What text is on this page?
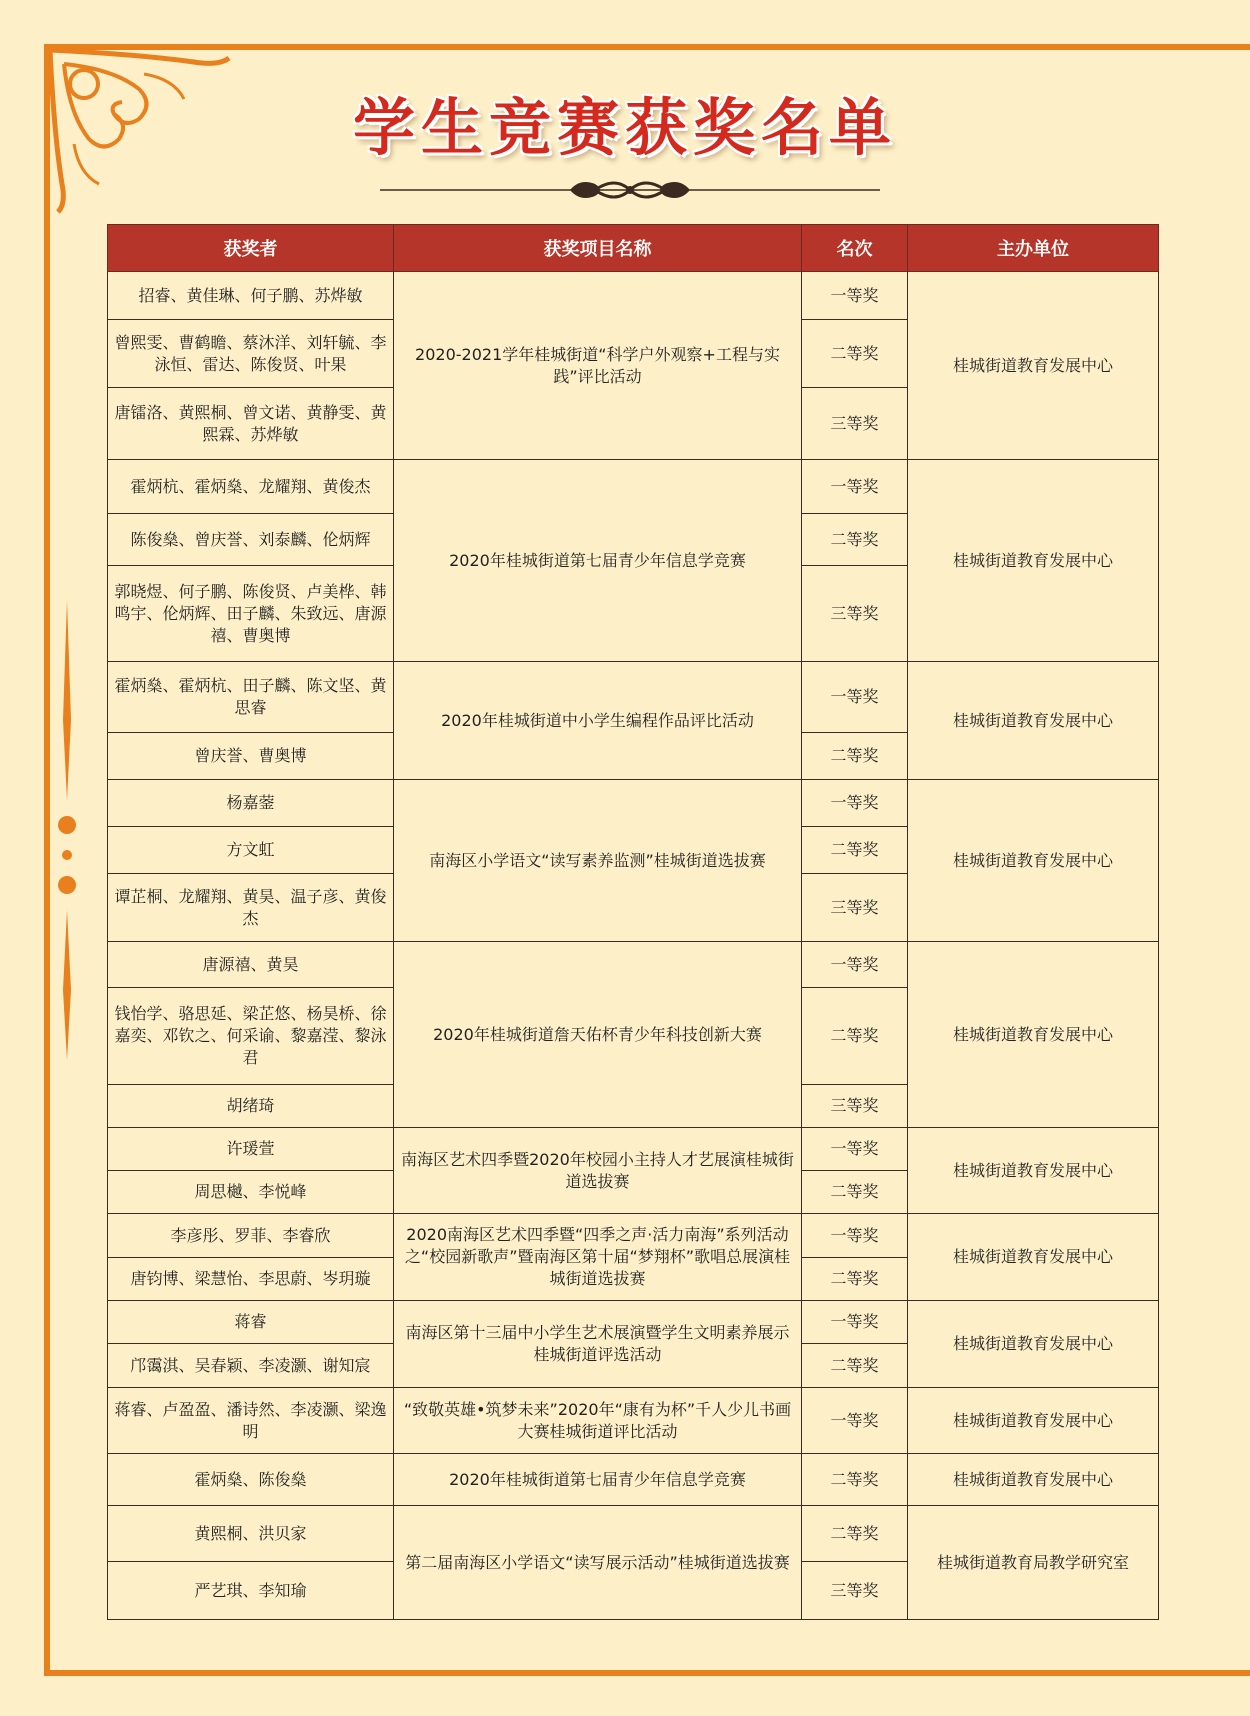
学生竞赛获奖名单
获奖者	获奖项目名称	名次	主办单位
招睿、黄佳琳、何子鹏、苏烨敏	2020-2021学年桂城街道“科学户外观察+工程与实践”评比活动	一等奖	桂城街道教育发展中心
曾熙雯、曹鹤瞻、蔡沐洋、刘轩毓、李泳恒、雷达、陈俊贤、叶果		二等奖	
唐镭洛、黄熙桐、曾文诺、黄静雯、黄熙霖、苏烨敏		三等奖	
霍炳杭、霍炳燊、龙耀翔、黄俊杰	2020年桂城街道第七届青少年信息学竞赛	一等奖	桂城街道教育发展中心
陈俊燊、曾庆誉、刘泰麟、伦炳辉		二等奖	
郭晓煜、何子鹏、陈俊贤、卢美桦、韩鸣宇、伦炳辉、田子麟、朱致远、唐源禧、曹奥博		三等奖	
霍炳燊、霍炳杭、田子麟、陈文坚、黄思睿	2020年桂城街道中小学生编程作品评比活动	一等奖	桂城街道教育发展中心
曾庆誉、曹奥博		二等奖	
杨嘉蓥	南海区小学语文“读写素养监测”桂城街道选拔赛	一等奖	桂城街道教育发展中心
方文虹		二等奖	
谭芷桐、龙耀翔、黄昊、温子彦、黄俊杰		三等奖	
唐源禧、黄昊	2020年桂城街道詹天佑杯青少年科技创新大赛	一等奖	桂城街道教育发展中心
钱怡学、骆思延、梁芷悠、杨昊桥、徐嘉奕、邓钦之、何采谕、黎嘉滢、黎泳君		二等奖	
胡绪琦		三等奖	
许瑗萱	南海区艺术四季暨2020年校园小主持人才艺展演桂城街道选拔赛	一等奖	桂城街道教育发展中心
周思樾、李悦峰		二等奖	
李彦彤、罗菲、李睿欣	2020南海区艺术四季暨“四季之声·活力南海”系列活动之“校园新歌声”暨南海区第十届“梦翔杯”歌唱总展演桂城街道选拔赛	一等奖	桂城街道教育发展中心
唐钧博、梁慧怡、李思蔚、岑玥璇		二等奖	
蒋睿	南海区第十三届中小学生艺术展演暨学生文明素养展示桂城街道评选活动	一等奖	桂城街道教育发展中心
邝霭淇、吴春颖、李凌灏、谢知宸		二等奖	
蒋睿、卢盈盈、潘诗然、李凌灏、梁逸明	“致敬英雄•筑梦未来”2020年“康有为杯”千人少儿书画大赛桂城街道评比活动	一等奖	桂城街道教育发展中心
霍炳燊、陈俊燊	2020年桂城街道第七届青少年信息学竞赛	二等奖	桂城街道教育发展中心
黄熙桐、洪贝家	第二届南海区小学语文“读写展示活动”桂城街道选拔赛	二等奖	桂城街道教育局教学研究室
严艺琪、李知瑜		三等奖	
